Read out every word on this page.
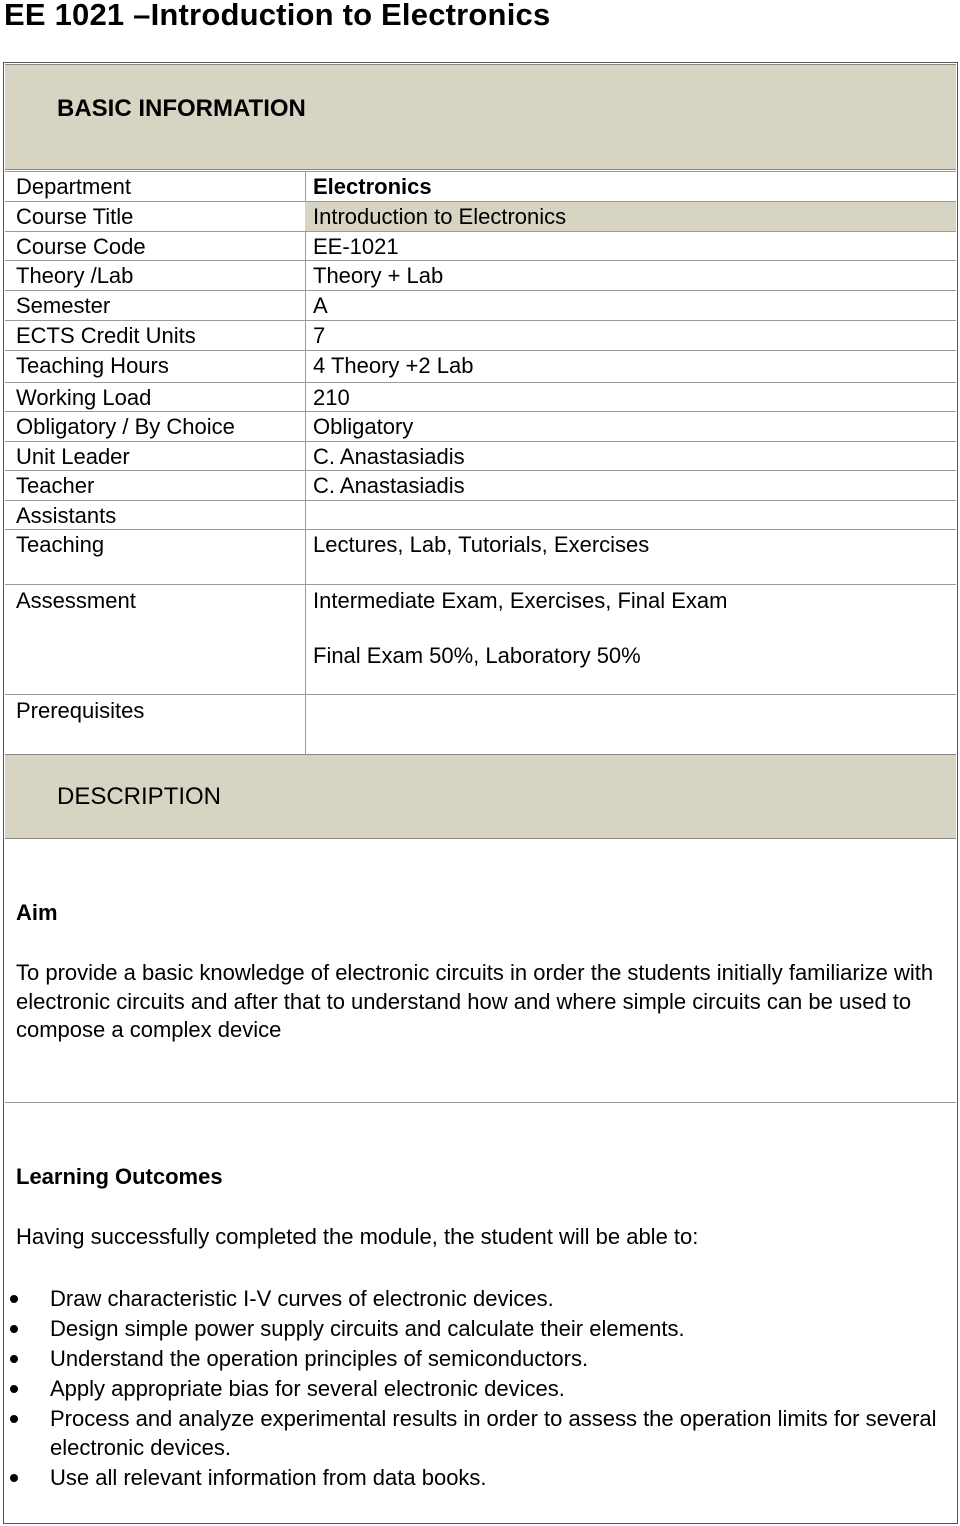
EE 1021 –Introduction to Electronics
BASIC INFORMATION
Department	Electronics
Course Title	Introduction to Electronics
Course Code	EE-1021
Theory /Lab	Theory + Lab
Semester	A
ECTS Credit Units	7
Teaching Hours	4 Theory +2 Lab
Working Load	210
Obligatory / By Choice	Obligatory
Unit Leader	C. Anastasiadis
Teacher	C. Anastasiadis
Assistants
Teaching	Lectures, Lab, Tutorials, Exercises
Assessment	Intermediate Exam, Exercises, Final Exam
Final Exam 50%, Laboratory 50%
Prerequisites
DESCRIPTION
Aim
To provide a basic knowledge of electronic circuits in order the students initially familiarize with electronic circuits and after that to understand how and where simple circuits can be used to compose a complex device
Learning Outcomes
Having successfully completed the module, the student will be able to:
Draw characteristic I-V curves of electronic devices.
Design simple power supply circuits and calculate their elements.
Understand the operation principles of semiconductors.
Apply appropriate bias for several electronic devices.
Process and analyze experimental results in order to assess the operation limits for several electronic devices.
Use all relevant information from data books.
